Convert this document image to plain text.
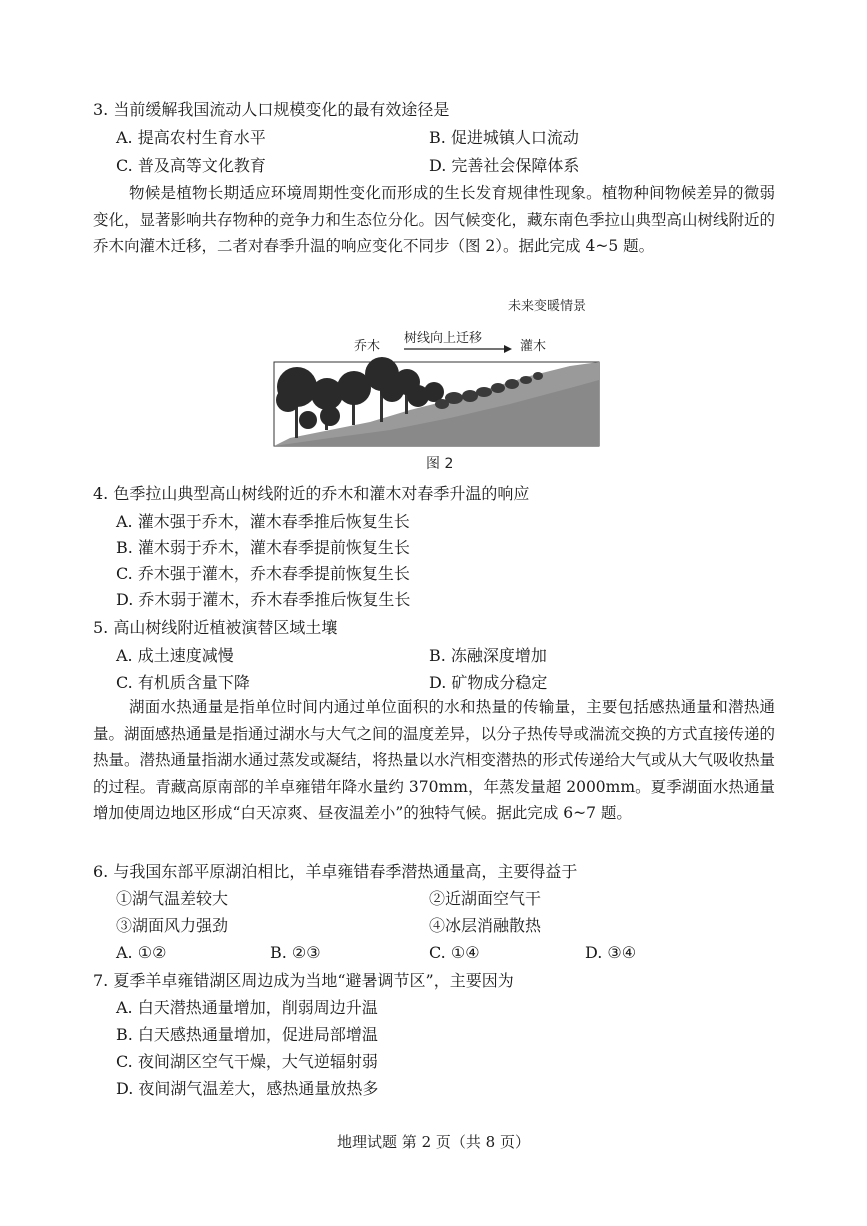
3. 当前缓解我国流动人口规模变化的最有效途径是
A. 提高农村生育水平	B. 促进城镇人口流动
C. 普及高等文化教育	D. 完善社会保障体系
物候是植物长期适应环境周期性变化而形成的生长发育规律性现象。植物种间物候差异的微弱变化，显著影响共存物种的竞争力和生态位分化。因气候变化，藏东南色季拉山典型高山树线附近的乔木向灌木迁移，二者对春季升温的响应变化不同步（图 2）。据此完成 4~5 题。
未来变暖情景
乔木
树线向上迁移
灌木
图 2
4. 色季拉山典型高山树线附近的乔木和灌木对春季升温的响应
A. 灌木强于乔木，灌木春季推后恢复生长
B. 灌木弱于乔木，灌木春季提前恢复生长
C. 乔木强于灌木，乔木春季提前恢复生长
D. 乔木弱于灌木，乔木春季推后恢复生长
5. 高山树线附近植被演替区域土壤
A. 成土速度减慢	B. 冻融深度增加
C. 有机质含量下降	D. 矿物成分稳定
湖面水热通量是指单位时间内通过单位面积的水和热量的传输量，主要包括感热通量和潜热通量。湖面感热通量是指通过湖水与大气之间的温度差异，以分子热传导或湍流交换的方式直接传递的热量。潜热通量指湖水通过蒸发或凝结，将热量以水汽相变潜热的形式传递给大气或从大气吸收热量的过程。青藏高原南部的羊卓雍错年降水量约 370mm，年蒸发量超 2000mm。夏季湖面水热通量增加使周边地区形成“白天凉爽、昼夜温差小”的独特气候。据此完成 6~7 题。
6. 与我国东部平原湖泊相比，羊卓雍错春季潜热通量高，主要得益于
①湖气温差较大	②近湖面空气干
③湖面风力强劲	④冰层消融散热
A. ①②	B. ②③	C. ①④	D. ③④
7. 夏季羊卓雍错湖区周边成为当地“避暑调节区”，主要因为
A. 白天潜热通量增加，削弱周边升温
B. 白天感热通量增加，促进局部增温
C. 夜间湖区空气干燥，大气逆辐射弱
D. 夜间湖气温差大，感热通量放热多
地理试题 第 2 页（共 8 页）
